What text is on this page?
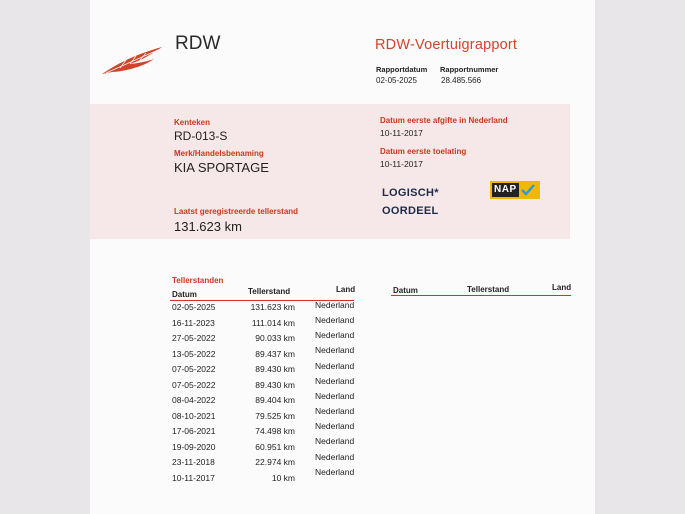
RDW	RDW-Voertuigrapport
Rapportdatum Rapportnummer
02-05-2025	28.485.566
Kenteken
RD-013-S
Merk/Handelsbenaming
KIA SPORTAGE
Laatst geregistreerde tellerstand
131.623 km
Datum eerste afgifte in Nederland
10-11-2017
Datum eerste toelating
10-11-2017
LOGISCH*
OORDEEL
NAP
Tellerstanden
Datum	Tellerstand	Land
02-05-2025	131.623 km Nederland
16-11-2023	111.014 km Nederland
27-05-2022	90.033 km Nederland
13-05-2022	89.437 km Nederland
07-05-2022	89.430 km Nederland
07-05-2022	89.430 km Nederland
08-04-2022	89.404 km Nederland
08-10-2021	79.525 km Nederland
17-06-2021	74.498 km Nederland
19-09-2020	60.951 km
Nederland
23-11-2018	22.974 km
Nederland
10-11-2017	10 km
Nederland
Datum	Tellerstand	Land
